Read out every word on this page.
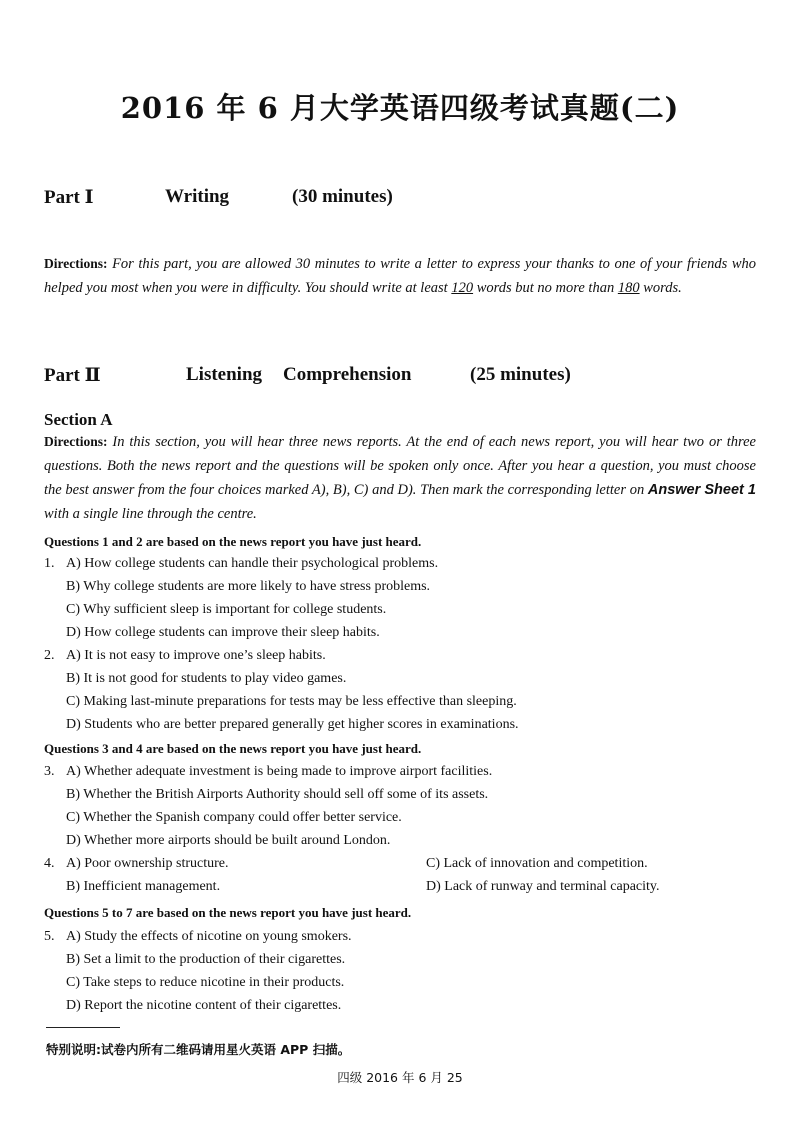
2016 年 6 月大学英语四级考试真题(二)
Part Ⅰ	Writing	(30 minutes)
Directions: For this part, you are allowed 30 minutes to write a letter to express your thanks to one of your friends who helped you most when you were in difficulty. You should write at least 120 words but no more than 180 words.
Part Ⅱ	Listening Comprehension	(25 minutes)
Section A
Directions: In this section, you will hear three news reports. At the end of each news report, you will hear two or three questions. Both the news report and the questions will be spoken only once. After you hear a question, you must choose the best answer from the four choices marked A), B), C) and D). Then mark the corresponding letter on Answer Sheet 1 with a single line through the centre.
Questions 1 and 2 are based on the news report you have just heard.
1. A) How college students can handle their psychological problems.
B) Why college students are more likely to have stress problems.
C) Why sufficient sleep is important for college students.
D) How college students can improve their sleep habits.
2. A) It is not easy to improve one’s sleep habits.
B) It is not good for students to play video games.
C) Making last-minute preparations for tests may be less effective than sleeping.
D) Students who are better prepared generally get higher scores in examinations.
Questions 3 and 4 are based on the news report you have just heard.
3. A) Whether adequate investment is being made to improve airport facilities.
B) Whether the British Airports Authority should sell off some of its assets.
C) Whether the Spanish company could offer better service.
D) Whether more airports should be built around London.
4. A) Poor ownership structure.	C) Lack of innovation and competition.
B) Inefficient management.	D) Lack of runway and terminal capacity.
Questions 5 to 7 are based on the news report you have just heard.
5. A) Study the effects of nicotine on young smokers.
B) Set a limit to the production of their cigarettes.
C) Take steps to reduce nicotine in their products.
D) Report the nicotine content of their cigarettes.
特别说明:试卷内所有二维码请用星火英语 APP 扫描。
四级 2016 年 6 月 25
